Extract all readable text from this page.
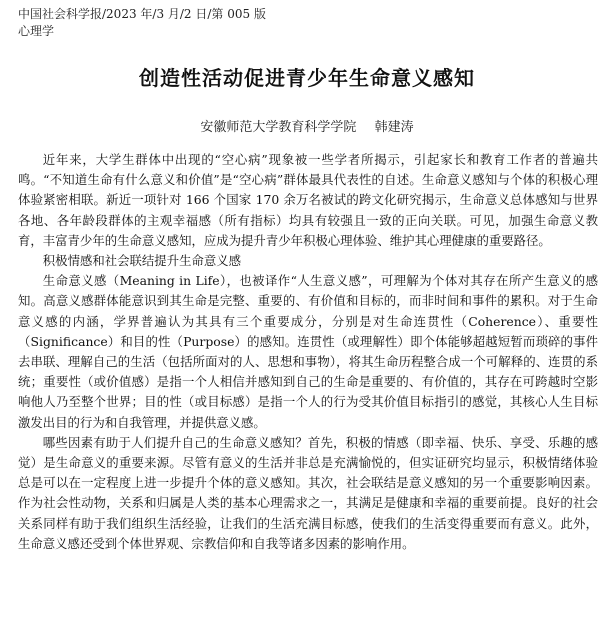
中国社会科学报/2023 年/3 月/2 日/第 005 版
心理学
创造性活动促进青少年生命意义感知
安徽师范大学教育科学学院 韩建涛

近年来，大学生群体中出现的“空心病”现象被一些学者所揭示，引起家长和教育工作者的普遍共鸣。“不知道生命有什么意义和价值”是“空心病”群体最具代表性的自述。生命意义感知与个体的积极心理体验紧密相联。新近一项针对 166 个国家 170 余万名被试的跨文化研究揭示，生命意义总体感知与世界各地、各年龄段群体的主观幸福感（所有指标）均具有较强且一致的正向关联。可见，加强生命意义教育，丰富青少年的生命意义感知，应成为提升青少年积极心理体验、维护其心理健康的重要路径。

积极情感和社会联结提升生命意义感

生命意义感（Meaning in Life），也被译作“人生意义感”，可理解为个体对其存在所产生意义的感知。高意义感群体能意识到其生命是完整、重要的、有价值和目标的，而非时间和事件的累积。对于生命意义感的内涵，学界普遍认为其具有三个重要成分，分别是对生命连贯性（Coherence）、重要性（Significance）和目的性（Purpose）的感知。连贯性（或理解性）即个体能够超越短暂而琐碎的事件去串联、理解自己的生活（包括所面对的人、思想和事物），将其生命历程整合成一个可解释的、连贯的系统；重要性（或价值感）是指一个人相信并感知到自己的生命是重要的、有价值的，其存在可跨越时空影响他人乃至整个世界；目的性（或目标感）是指一个人的行为受其价值目标指引的感觉，其核心人生目标激发出目的行为和自我管理，并提供意义感。

哪些因素有助于人们提升自己的生命意义感知？首先，积极的情感（即幸福、快乐、享受、乐趣的感觉）是生命意义的重要来源。尽管有意义的生活并非总是充满愉悦的，但实证研究均显示，积极情绪体验总是可以在一定程度上进一步提升个体的意义感知。其次，社会联结是意义感知的另一个重要影响因素。作为社会性动物，关系和归属是人类的基本心理需求之一，其满足是健康和幸福的重要前提。良好的社会关系同样有助于我们组织生活经验，让我们的生活充满目标感，使我们的生活变得重要而有意义。此外，生命意义感还受到个体世界观、宗教信仰和自我等诸多因素的影响作用。
